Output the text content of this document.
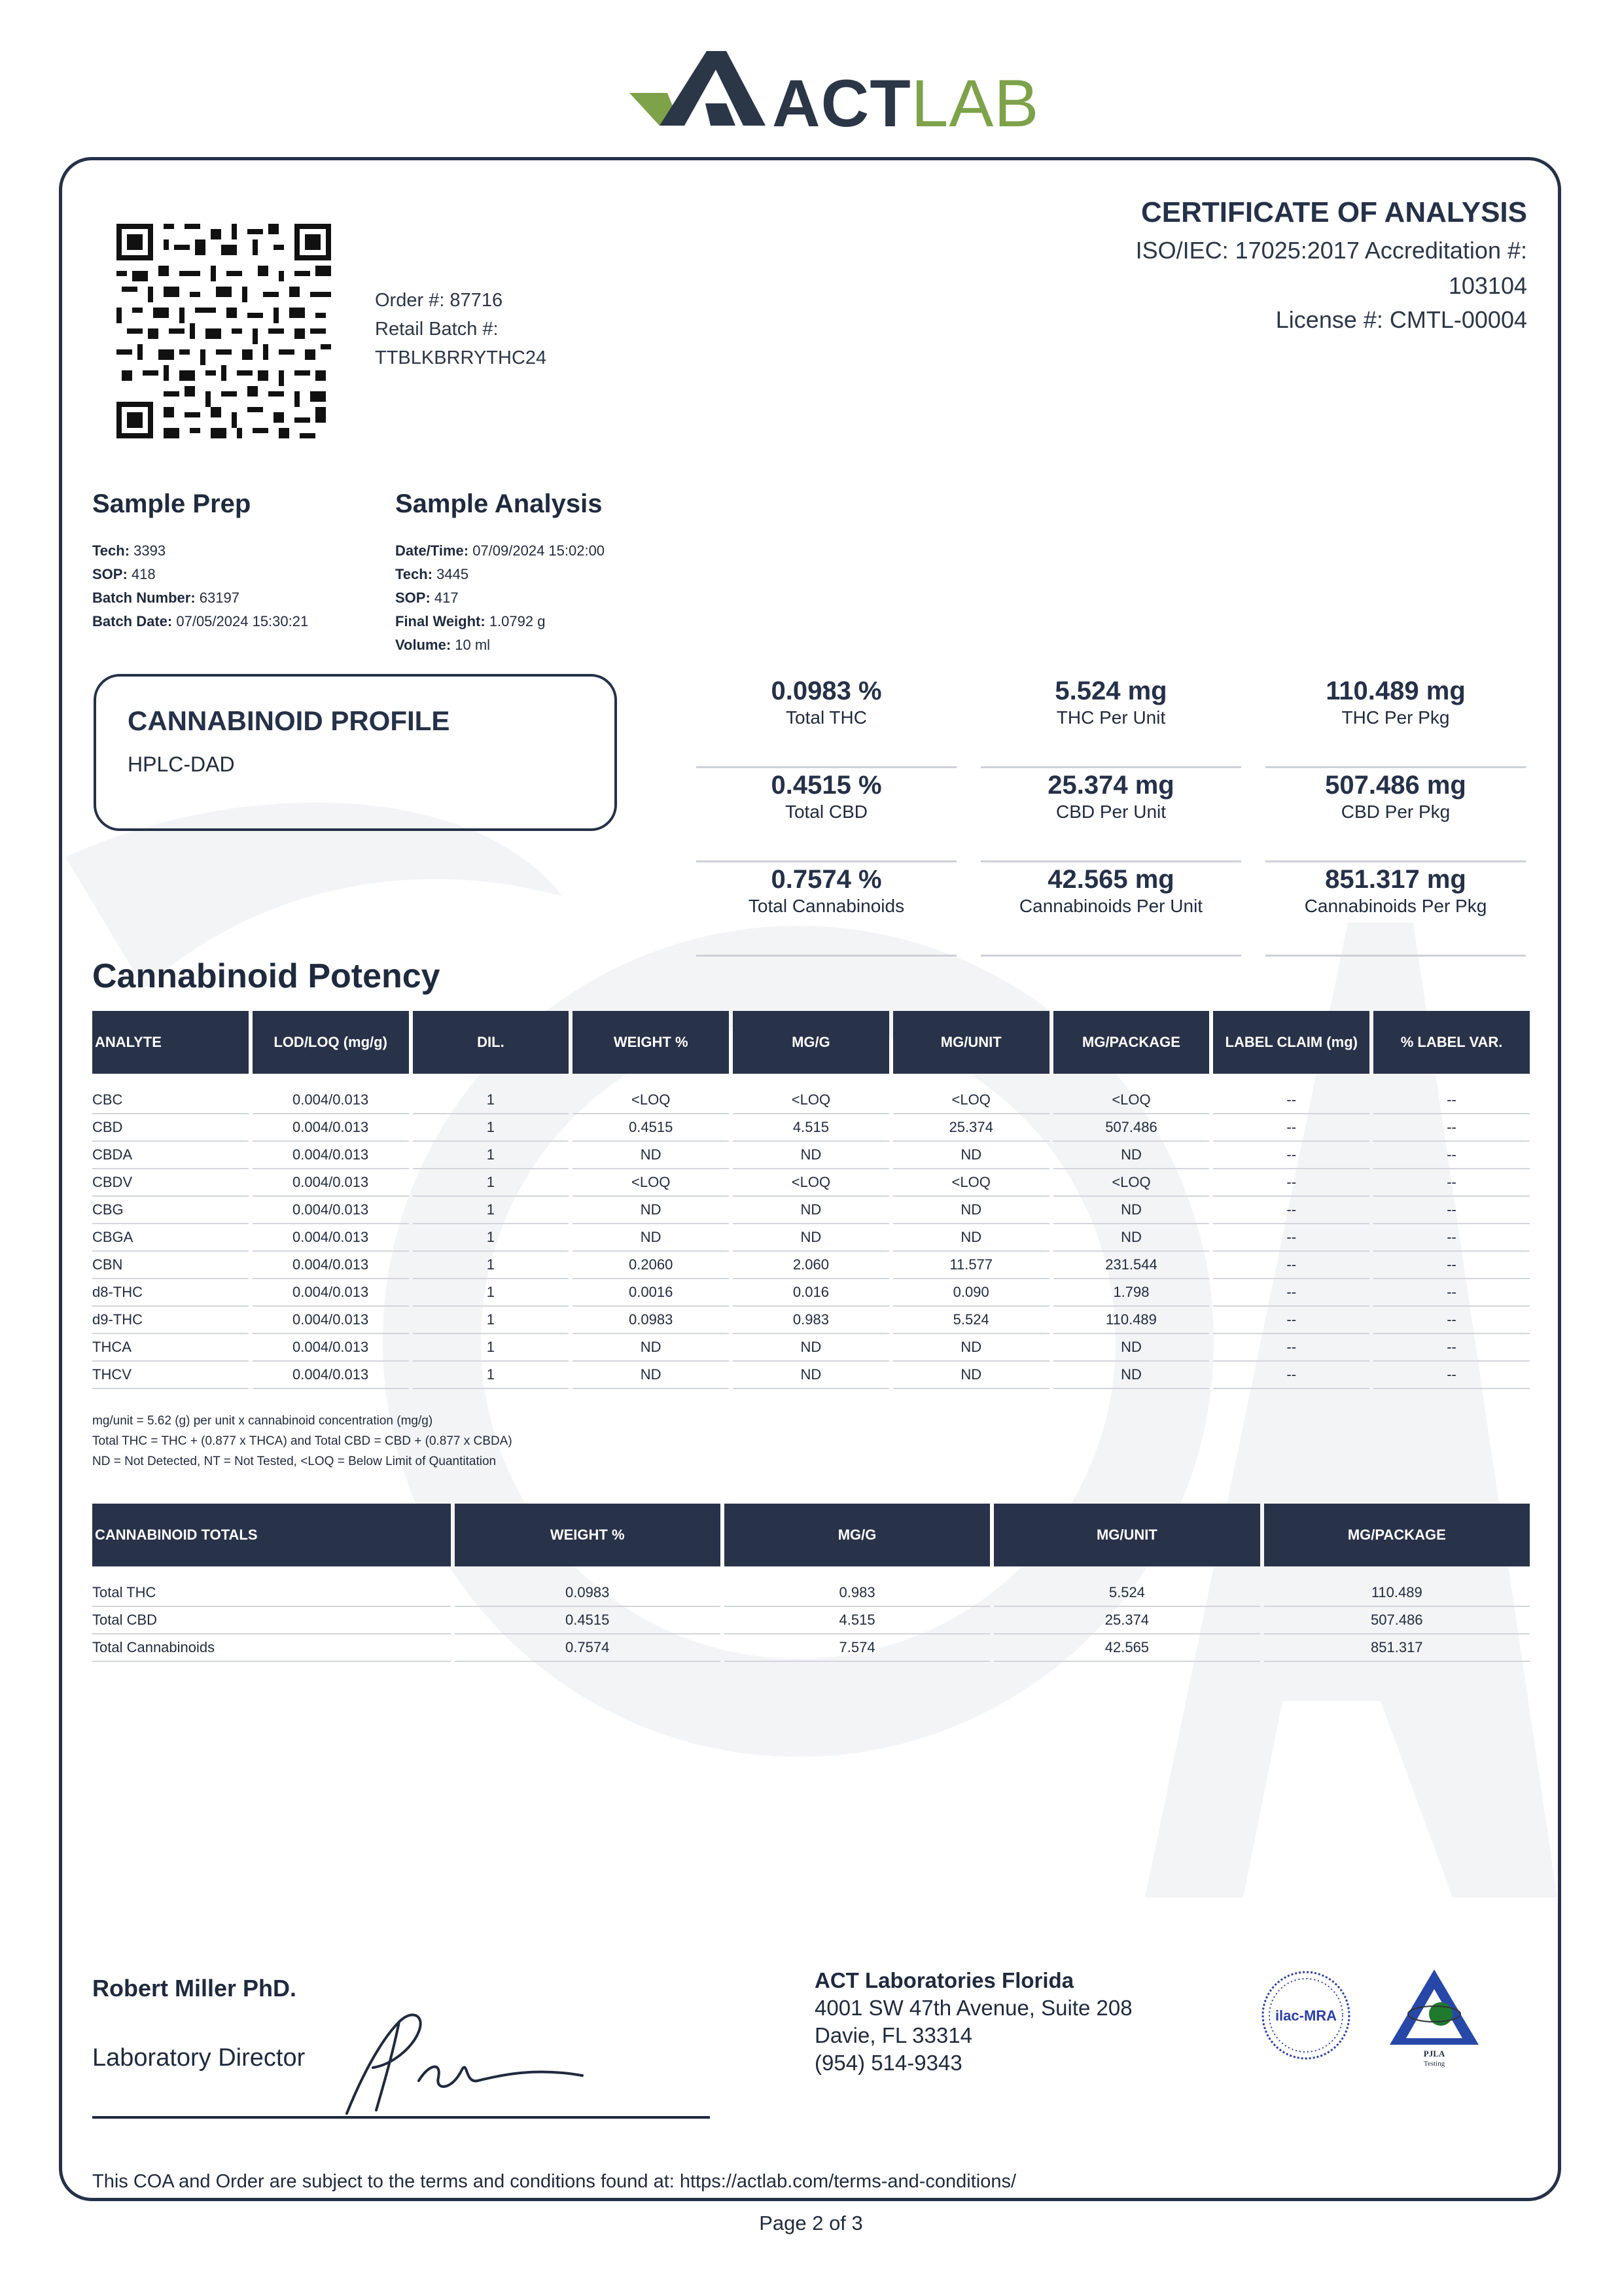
ACTLAB
Order #: 87716
Retail Batch #:
TTBLKBRRYTHC24
CERTIFICATE OF ANALYSIS
ISO/IEC: 17025:2017 Accreditation #:
103104
License #: CMTL-00004
Sample Prep
Tech: 3393
SOP: 418
Batch Number: 63197
Batch Date: 07/05/2024 15:30:21
Sample Analysis
Date/Time: 07/09/2024 15:02:00
Tech: 3445
SOP: 417
Final Weight: 1.0792 g
Volume: 10 ml
CANNABINOID PROFILE
HPLC-DAD
0.0983 %
Total THC
5.524 mg
THC Per Unit
110.489 mg
THC Per Pkg
0.4515 %
Total CBD
25.374 mg
CBD Per Unit
507.486 mg
CBD Per Pkg
0.7574 %
Total Cannabinoids
42.565 mg
Cannabinoids Per Unit
851.317 mg
Cannabinoids Per Pkg
Cannabinoid Potency
ANALYTE	LOD/LOQ (mg/g)	DIL.	WEIGHT %	MG/G	MG/UNIT	MG/PACKAGE	LABEL CLAIM (mg)	% LABEL VAR.

CBC	0.004/0.013	1	<LOQ	<LOQ	<LOQ	<LOQ	--	--
CBD	0.004/0.013	1	0.4515	4.515	25.374	507.486	--	--
CBDA	0.004/0.013	1	ND	ND	ND	ND	--	--
CBDV	0.004/0.013	1	<LOQ	<LOQ	<LOQ	<LOQ	--	--
CBG	0.004/0.013	1	ND	ND	ND	ND	--	--
CBGA	0.004/0.013	1	ND	ND	ND	ND	--	--
CBN	0.004/0.013	1	0.2060	2.060	11.577	231.544	--	--
d8-THC	0.004/0.013	1	0.0016	0.016	0.090	1.798	--	--
d9-THC	0.004/0.013	1	0.0983	0.983	5.524	110.489	--	--
THCA	0.004/0.013	1	ND	ND	ND	ND	--	--
THCV	0.004/0.013	1	ND	ND	ND	ND	--	--
mg/unit = 5.62 (g) per unit x cannabinoid concentration (mg/g)
Total THC = THC + (0.877 x THCA) and Total CBD = CBD + (0.877 x CBDA)
ND = Not Detected, NT = Not Tested, <LOQ = Below Limit of Quantitation
CANNABINOID TOTALS	WEIGHT %	MG/G	MG/UNIT	MG/PACKAGE

Total THC	0.0983	0.983	5.524	110.489
Total CBD	0.4515	4.515	25.374	507.486
Total Cannabinoids	0.7574	7.574	42.565	851.317
Robert Miller PhD.
Laboratory Director
ACT Laboratories Florida
4001 SW 47th Avenue, Suite 208
Davie, FL 33314
(954) 514-9343
ilac-MRA
PJLA
Testing
This COA and Order are subject to the terms and conditions found at: https://actlab.com/terms-and-conditions/
Page 2 of 3
